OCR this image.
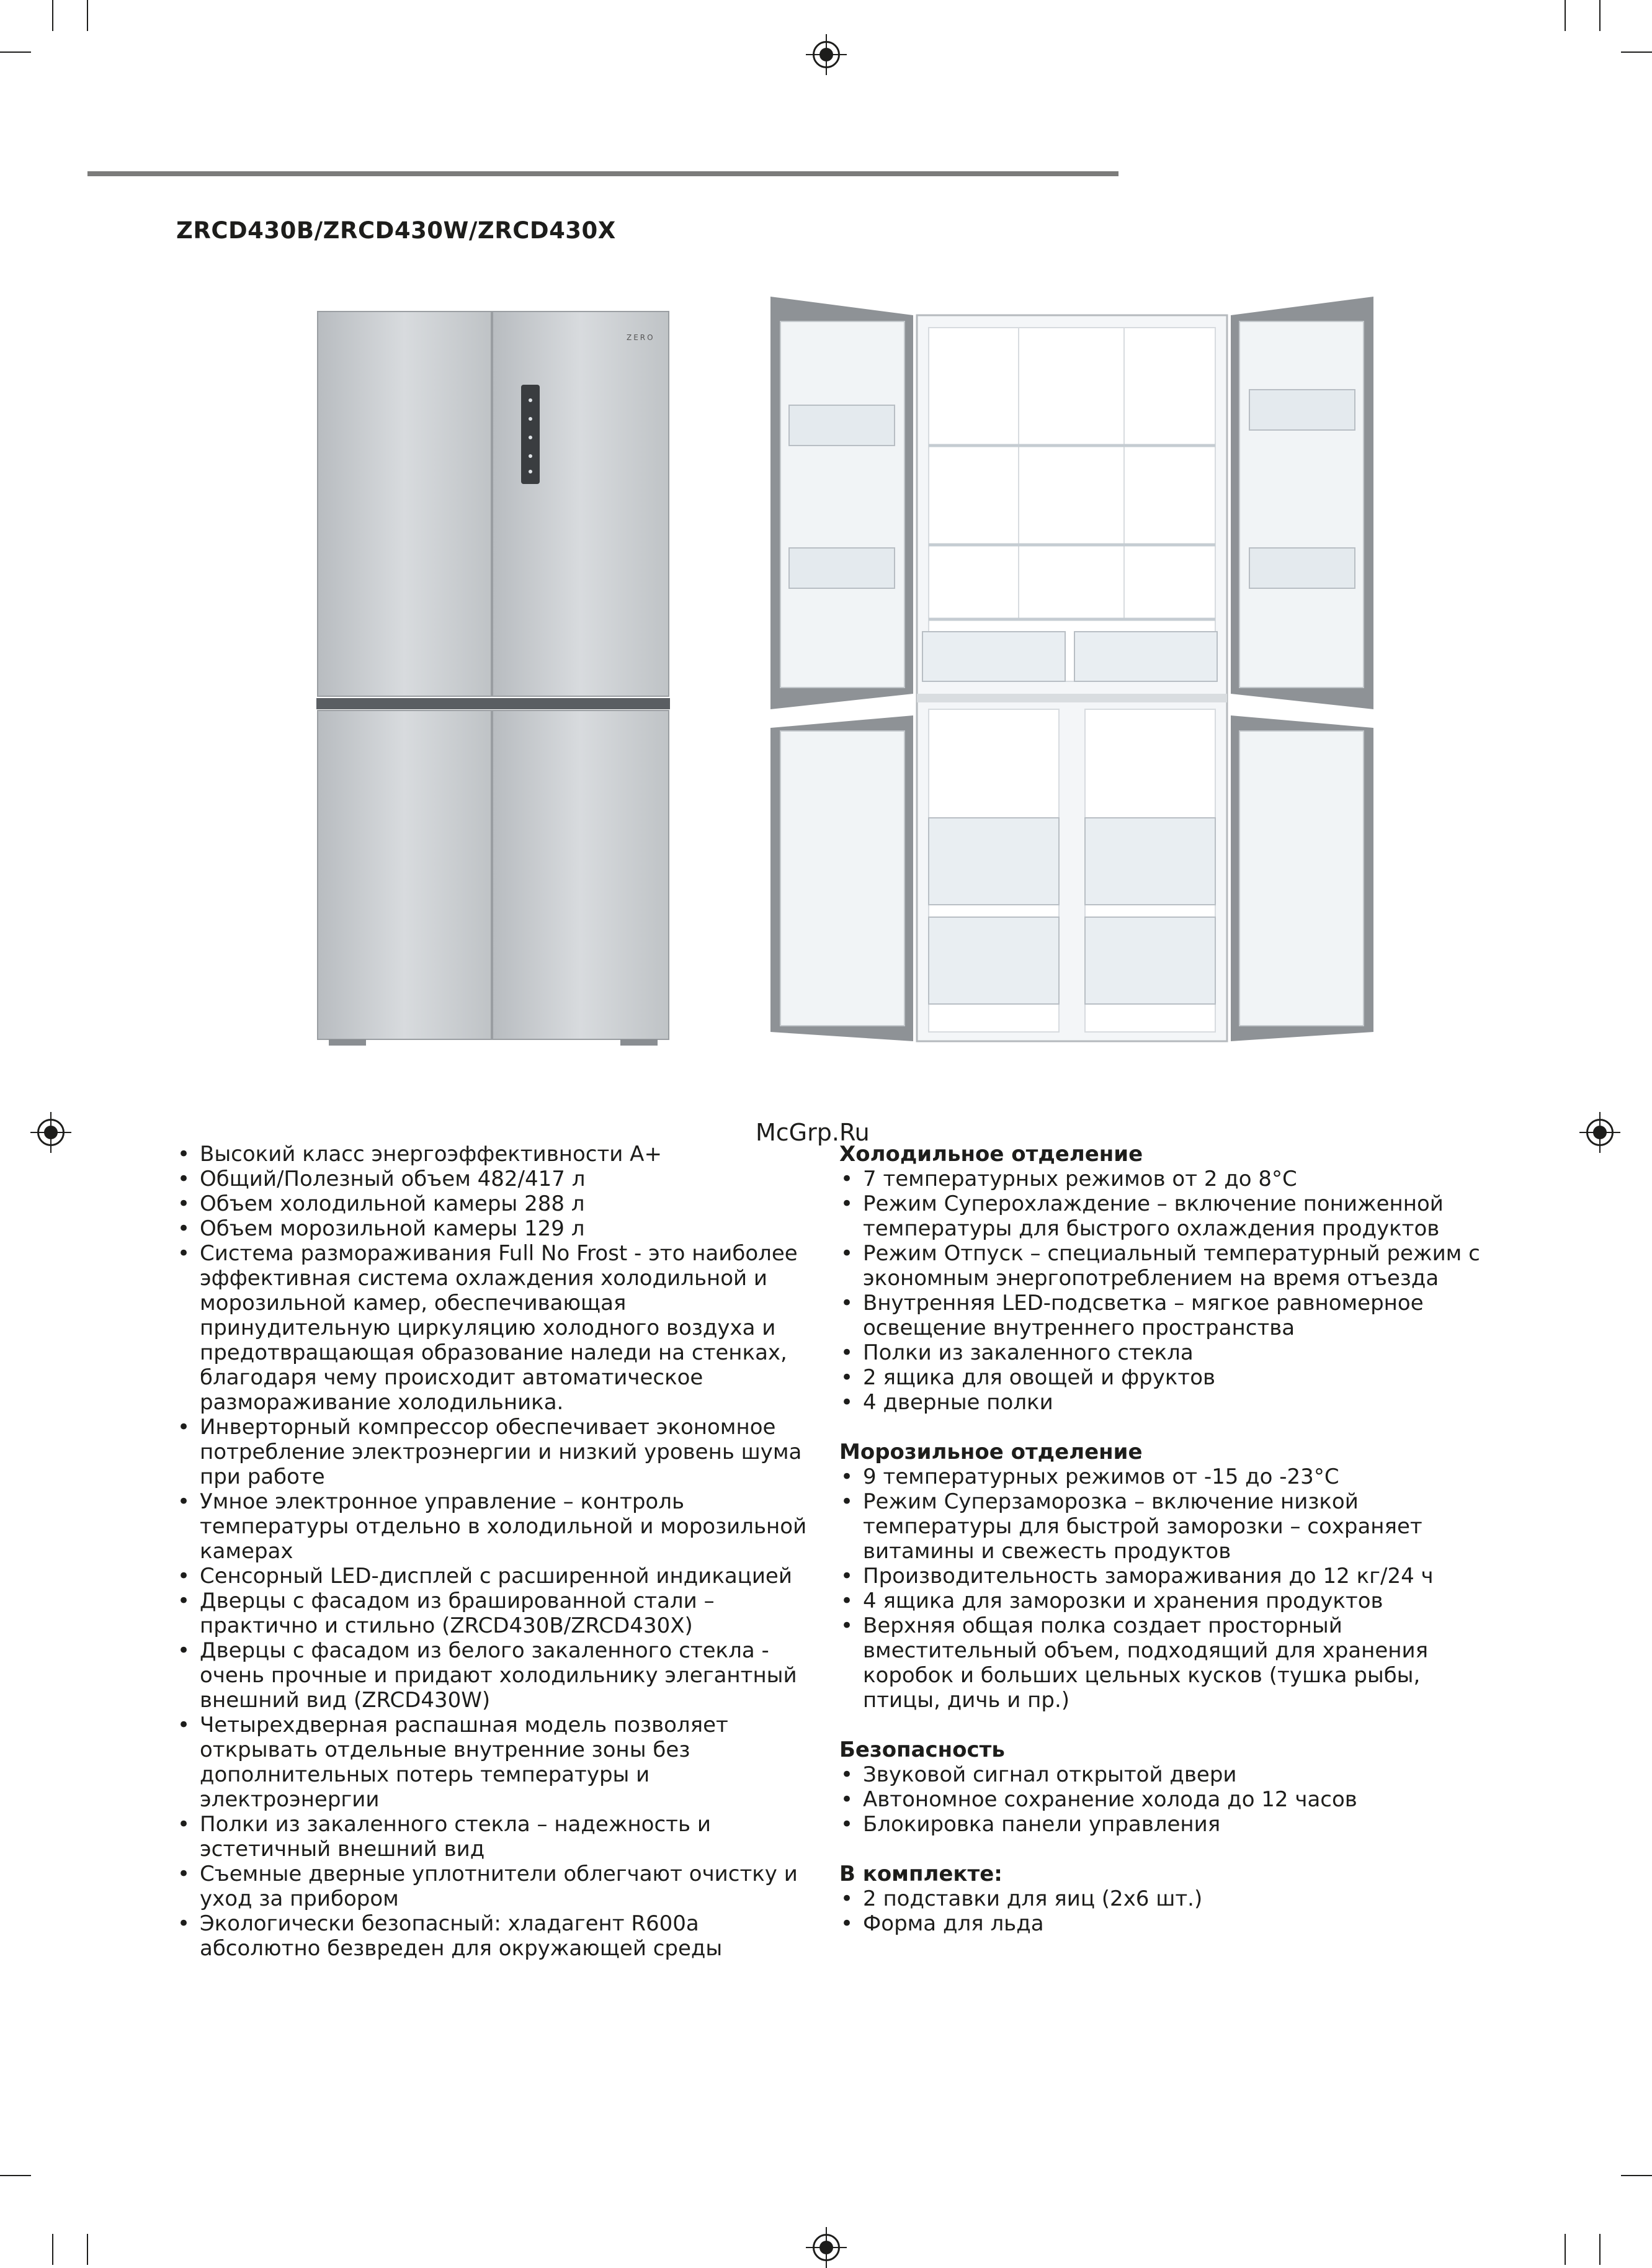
ZRCD430B/ZRCD430W/ZRCD430X
ZERO
McGrp.Ru
• Высокий класс энергоэффективности А+
• Общий/Полезный объем 482/417 л
• Объем холодильной камеры 288 л
• Объем морозильной камеры 129 л
• Система размораживания Full No Frost - это наиболее эффективная система охлаждения холодильной и морозильной камер, обеспечивающая принудительную циркуляцию холодного воздуха и предотвращающая образование наледи на стенках, благодаря чему происходит автоматическое размораживание холодильника.
• Инверторный компрессор обеспечивает экономное потребление электроэнергии и низкий уровень шума при работе
• Умное электронное управление – контроль температуры отдельно в холодильной и морозильной камерах
• Сенсорный LED-дисплей с расширенной индикацией
• Дверцы с фасадом из брашированной стали – практично и стильно (ZRCD430B/ZRCD430X)
• Дверцы с фасадом из белого закаленного стекла - очень прочные и придают холодильнику элегантный внешний вид (ZRCD430W)
• Четырехдверная распашная модель позволяет открывать отдельные внутренние зоны без дополнительных потерь температуры и электроэнергии
• Полки из закаленного стекла – надежность и эстетичный внешний вид
• Съемные дверные уплотнители облегчают очистку и уход за прибором
• Экологически безопасный: хладагент R600a абсолютно безвреден для окружающей среды

Холодильное отделение

• 7 температурных режимов от 2 до 8°C
• Режим Суперохлаждение – включение пониженной температуры для быстрого охлаждения продуктов
• Режим Отпуск – специальный температурный режим с экономным энергопотреблением на время отъезда
• Внутренняя LED-подсветка – мягкое равномерное освещение внутреннего пространства
• Полки из закаленного стекла
• 2 ящика для овощей и фруктов
• 4 дверные полки

Морозильное отделение

• 9 температурных режимов от -15 до -23°C
• Режим Суперзаморозка – включение низкой температуры для быстрой заморозки – сохраняет витамины и свежесть продуктов
• Производительность замораживания до 12 кг/24 ч
• 4 ящика для заморозки и хранения продуктов
• Верхняя общая полка создает просторный вместительный объем, подходящий для хранения коробок и больших цельных кусков (тушка рыбы, птицы, дичь и пр.)

Безопасность

• Звуковой сигнал открытой двери
• Автономное сохранение холода до 12 часов
• Блокировка панели управления

В комплекте:

• 2 подставки для яиц (2х6 шт.)
• Форма для льда
